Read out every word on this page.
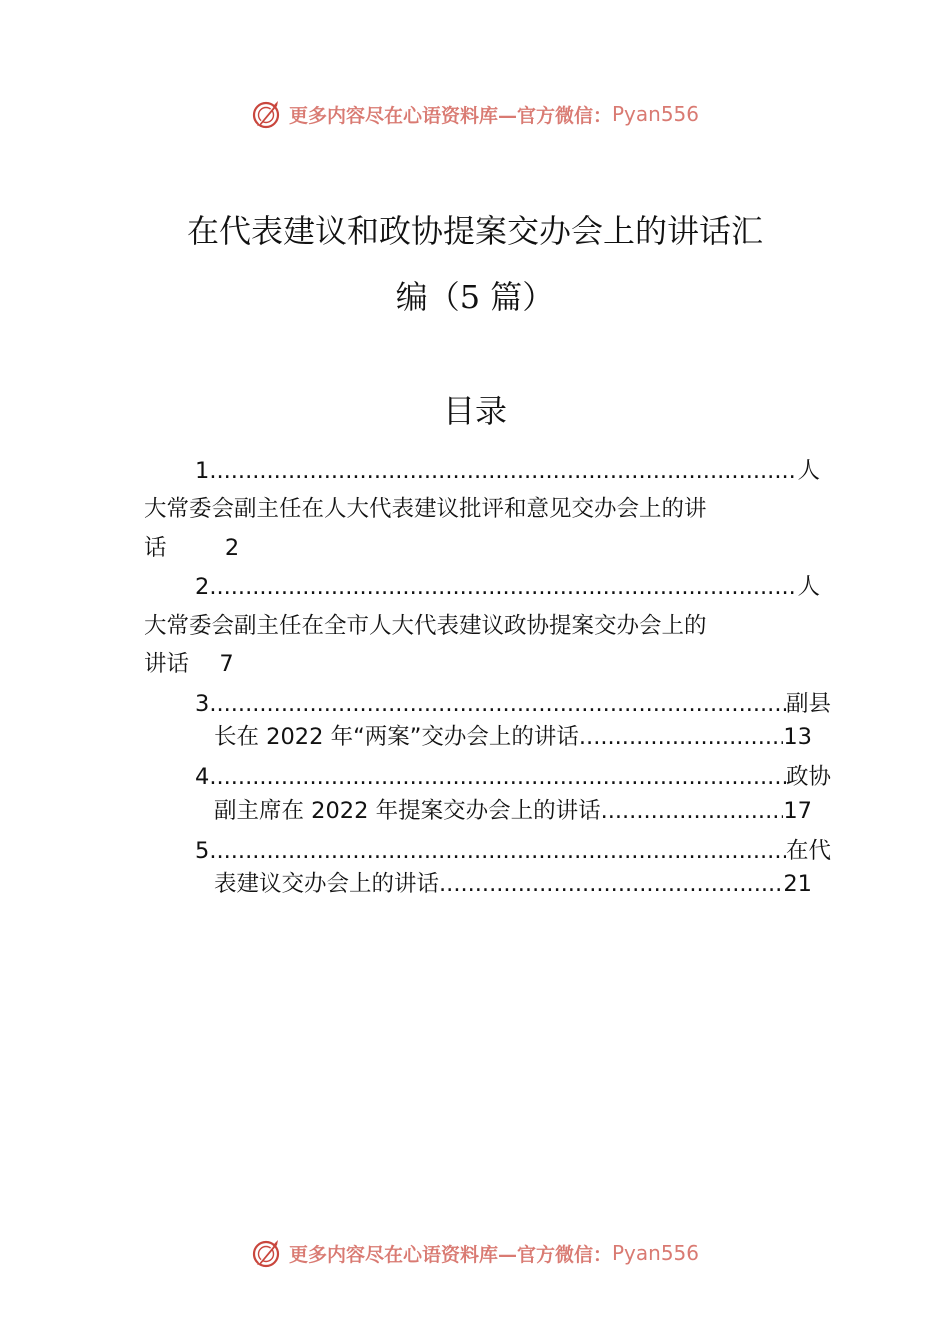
更多内容尽在心语资料库—官方微信： Pyan556
在代表建议和政协提案交办会上的讲话汇
编（5 篇）
目录
1. .....	人
大常委会副主任在人大代表建议批评和意见交办会上的讲
话	2
2. .....	人
大常委会副主任在全市人大代表建议政协提案交办会上的
讲话 7
3. .....	副县
长在 2022 年“两案”交办会上的讲话 .....	13
4. .....	政协
副主席在 2022 年提案交办会上的讲话 .....	17
5. .....	在代
表建议交办会上的讲话 .....	21
更多内容尽在心语资料库—官方微信： Pyan556
